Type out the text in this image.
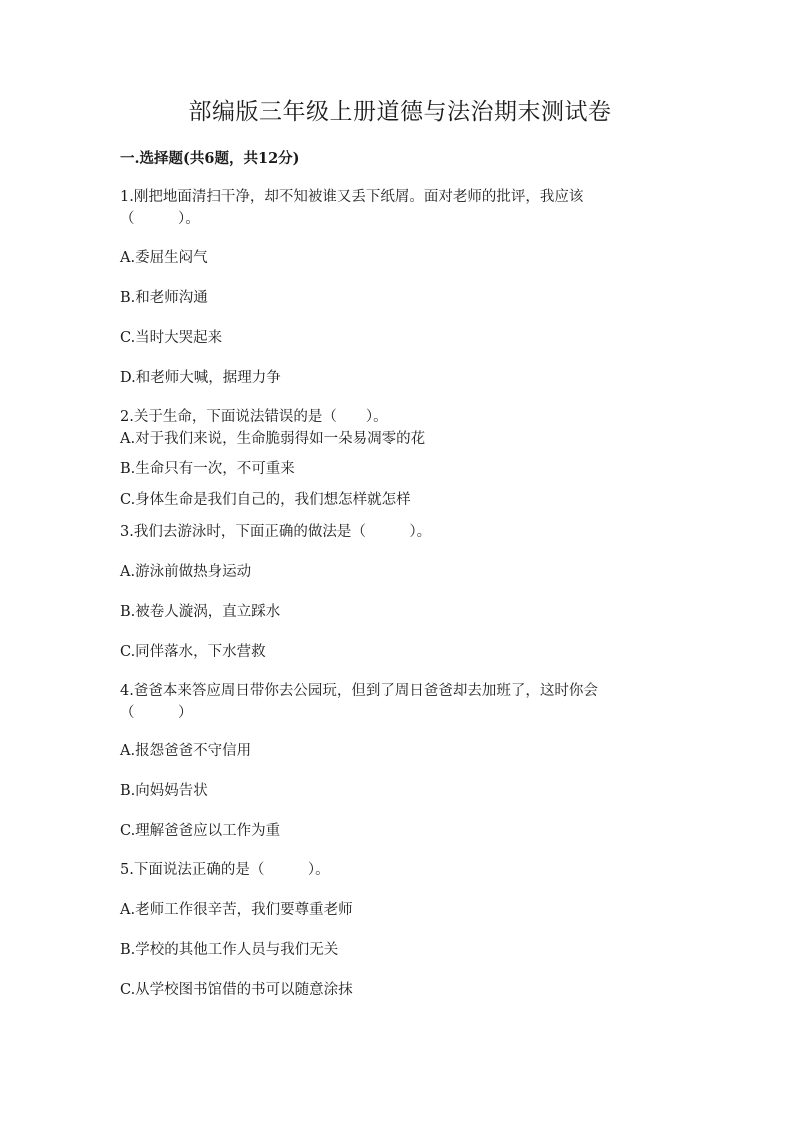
部编版三年级上册道德与法治期末测试卷
一.选择题(共6题，共12分)
1.刚把地面清扫干净，却不知被谁又丢下纸屑。面对老师的批评，我应该
（　　　）。
A.委屈生闷气
B.和老师沟通
C.当时大哭起来
D.和老师大喊，据理力争
2.关于生命，下面说法错误的是（　　）。
A.对于我们来说，生命脆弱得如一朵易凋零的花
B.生命只有一次，不可重来
C.身体生命是我们自己的，我们想怎样就怎样
3.我们去游泳时，下面正确的做法是（　　　）。
A.游泳前做热身运动
B.被卷人漩涡，直立踩水
C.同伴落水，下水营救
4.爸爸本来答应周日带你去公园玩，但到了周日爸爸却去加班了，这时你会
（　　　）
A.报怨爸爸不守信用
B.向妈妈告状
C.理解爸爸应以工作为重
5.下面说法正确的是（　　　）。
A.老师工作很辛苦，我们要尊重老师
B.学校的其他工作人员与我们无关
C.从学校图书馆借的书可以随意涂抹
